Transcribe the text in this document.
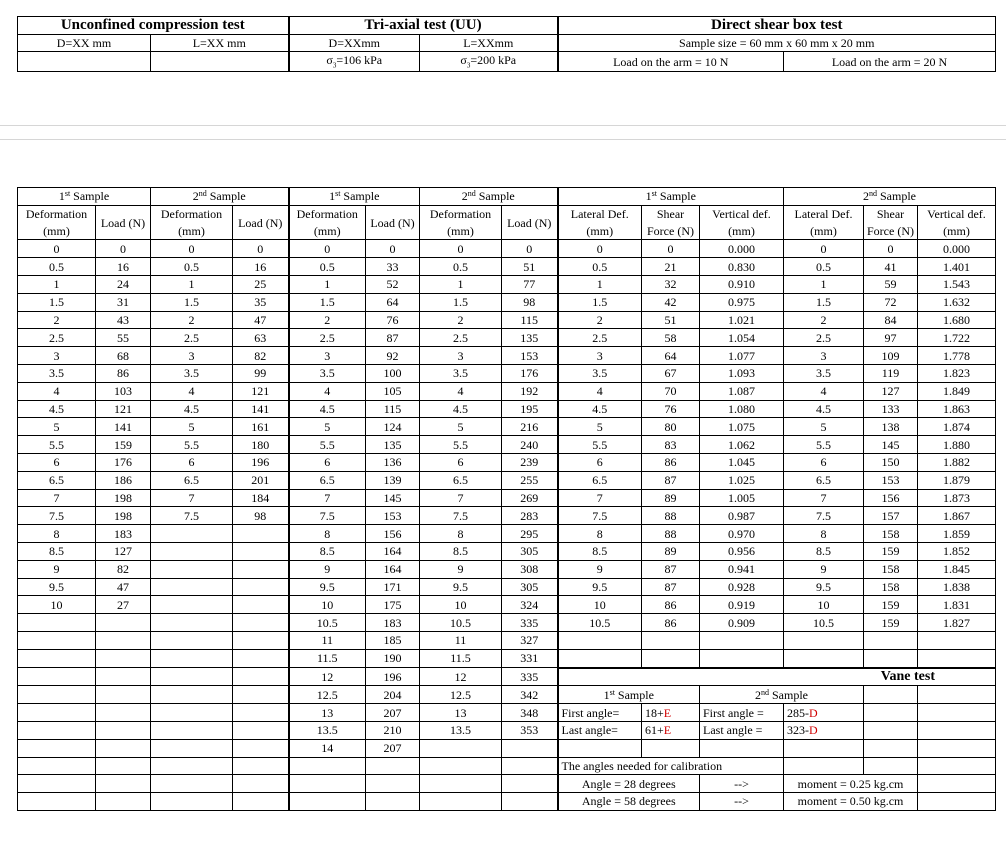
Unconfined compression test		Tri-axial test (UU)		Direct shear box test	
D=XX mm	L=XX mm	D=XXmm	L=XXmm	Sample size = 60 mm x 60 mm x 20 mm	
		$\sigma_3=106$ kPa	$\sigma_3=200$ kPa	Load on the arm = 10 N	Load on the arm = 20 N
1st Sample		2nd Sample		1st Sample		2nd Sample		1st Sample			2nd Sample		
Deformation	Load (N)	Deformation	Load (N)	Deformation	Load (N)	Deformation	Load (N)	Lateral Def.	Shear	Vertical def.	Lateral Def.	Shear	Vertical def.
(mm)		(mm)		(mm)		(mm)		(mm)	Force (N)	(mm)	(mm)	Force (N)	(mm)
0	0	0	0	0	0	0	0	0	0	0.000	0	0	0.000
0.5	16	0.5	16	0.5	33	0.5	51	0.5	21	0.830	0.5	41	1.401
1	24	1	25	1	52	1	77	1	32	0.910	1	59	1.543
1.5	31	1.5	35	1.5	64	1.5	98	1.5	42	0.975	1.5	72	1.632
2	43	2	47	2	76	2	115	2	51	1.021	2	84	1.680
2.5	55	2.5	63	2.5	87	2.5	135	2.5	58	1.054	2.5	97	1.722
3	68	3	82	3	92	3	153	3	64	1.077	3	109	1.778
3.5	86	3.5	99	3.5	100	3.5	176	3.5	67	1.093	3.5	119	1.823
4	103	4	121	4	105	4	192	4	70	1.087	4	127	1.849
4.5	121	4.5	141	4.5	115	4.5	195	4.5	76	1.080	4.5	133	1.863
5	141	5	161	5	124	5	216	5	80	1.075	5	138	1.874
5.5	159	5.5	180	5.5	135	5.5	240	5.5	83	1.062	5.5	145	1.880
6	176	6	196	6	136	6	239	6	86	1.045	6	150	1.882
6.5	186	6.5	201	6.5	139	6.5	255	6.5	87	1.025	6.5	153	1.879
7	198	7	184	7	145	7	269	7	89	1.005	7	156	1.873
7.5	198	7.5	98	7.5	153	7.5	283	7.5	88	0.987	7.5	157	1.867
8	183			8	156	8	295	8	88	0.970	8	158	1.859
8.5	127			8.5	164	8.5	305	8.5	89	0.956	8.5	159	1.852
9	82			9	164	9	308	9	87	0.941	9	158	1.845
9.5	47			9.5	171	9.5	305	9.5	87	0.928	9.5	158	1.838
10	27			10	175	10	324	10	86	0.919	10	159	1.831
				10.5	183	10.5	335	10.5	86	0.909	10.5	159	1.827
				11	185	11	327						
				11.5	190	11.5	331						
				12	196	12	335	Vane test					
				12.5	204	12.5	342	1st Sample		2nd Sample			
				13	207	13	348	First angle=	18+E	First angle =	285-D		
				13.5	210	13.5	353	Last angle=	61+E	Last angle =	323-D		
				14	207								
								The angles needed for calibration					
								Angle = 28 degrees		-->	moment = 0.25 kg.cm		
								Angle = 58 degrees		-->	moment = 0.50 kg.cm		
